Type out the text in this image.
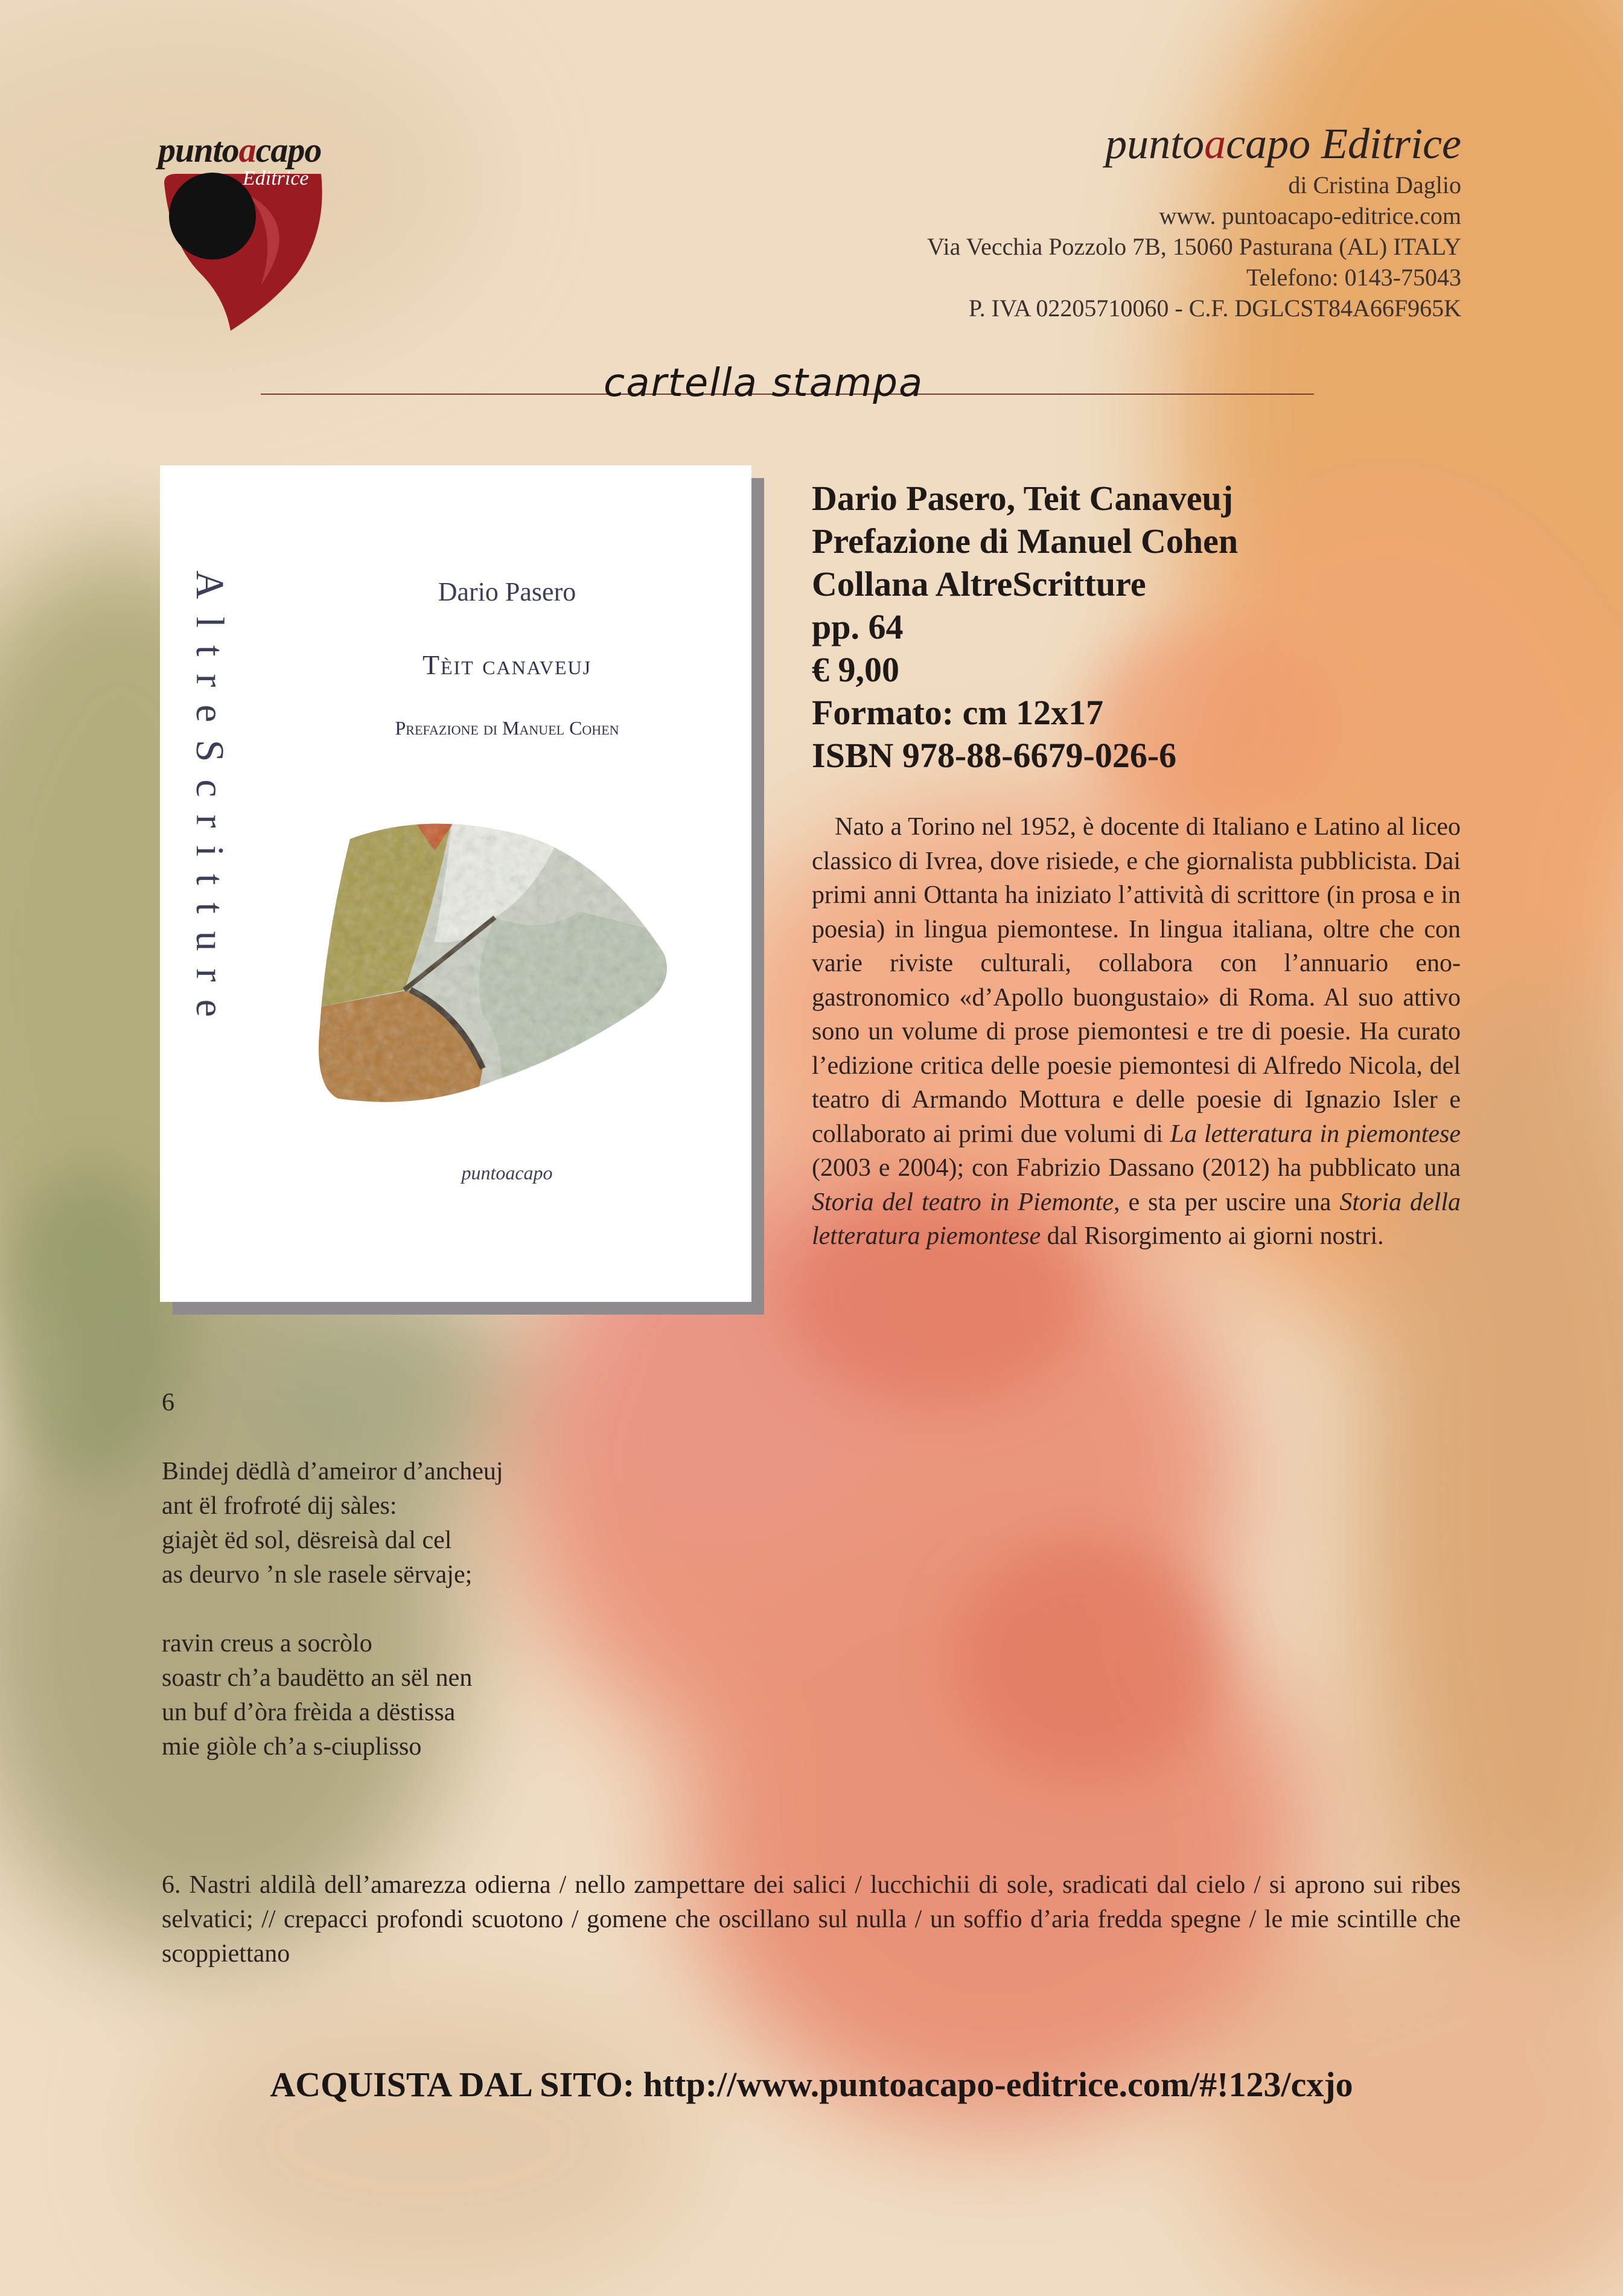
puntoacapo
Editrice
puntoacapo Editrice
di Cristina Daglio
www. puntoacapo-editrice.com
Via Vecchia Pozzolo 7B, 15060 Pasturana (AL) ITALY
Telefono: 0143-75043
P. IVA 02205710060 - C.F. DGLCST84A66F965K
cartella stampa
AltreScritture	Dario Pasero
Tèit canaveuj
Prefazione di Manuel Cohen
puntoacapo
Dario Pasero, Teit Canaveuj
Prefazione di Manuel Cohen
Collana AltreScritture
pp. 64
€ 9,00
Formato: cm 12x17
ISBN 978-88-6679-026-6
Nato a Torino nel 1952, è docente di Italiano e Latino al liceo classico di Ivrea, dove risiede, e che giornalista pubblicista. Dai primi anni Ottanta ha iniziato l’attività di scrittore (in prosa e in poesia) in lingua piemontese. In lingua italiana, oltre che con varie riviste culturali, collabora con l’annuario eno-gastronomico «d’Apollo buongustaio» di Roma. Al suo attivo sono un volume di prose piemontesi e tre di poesie. Ha curato l’edizione critica delle poesie piemontesi di Alfredo Nicola, del teatro di Armando Mottura e delle poesie di Ignazio Isler e collaborato ai primi due volumi di La letteratura in piemontese (2003 e 2004); con Fabrizio Dassano (2012) ha pubblicato una Storia del teatro in Piemonte, e sta per uscire una Storia della letteratura piemontese dal Risorgimento ai giorni nostri.
6
Bindej dëdlà d’ameiror d’ancheuj
ant ël frofroté dij sàles:
giajèt ëd sol, dësreisà dal cel
as deurvo ’n sle rasele sërvaje;
ravin creus a socròlo
soastr ch’a baudëtto an sël nen
un buf d’òra frèida a dëstissa
mie giòle ch’a s-ciuplisso
6. Nastri aldilà dell’amarezza odierna / nello zampettare dei salici / lucchichii di sole, sradicati dal cielo / si aprono sui ribes selvatici; // crepacci profondi scuotono / gomene che oscillano sul nulla / un soffio d’aria fredda spegne / le mie scintille che scoppiettano
ACQUISTA DAL SITO: http://www.puntoacapo-editrice.com/#!123/cxjo
